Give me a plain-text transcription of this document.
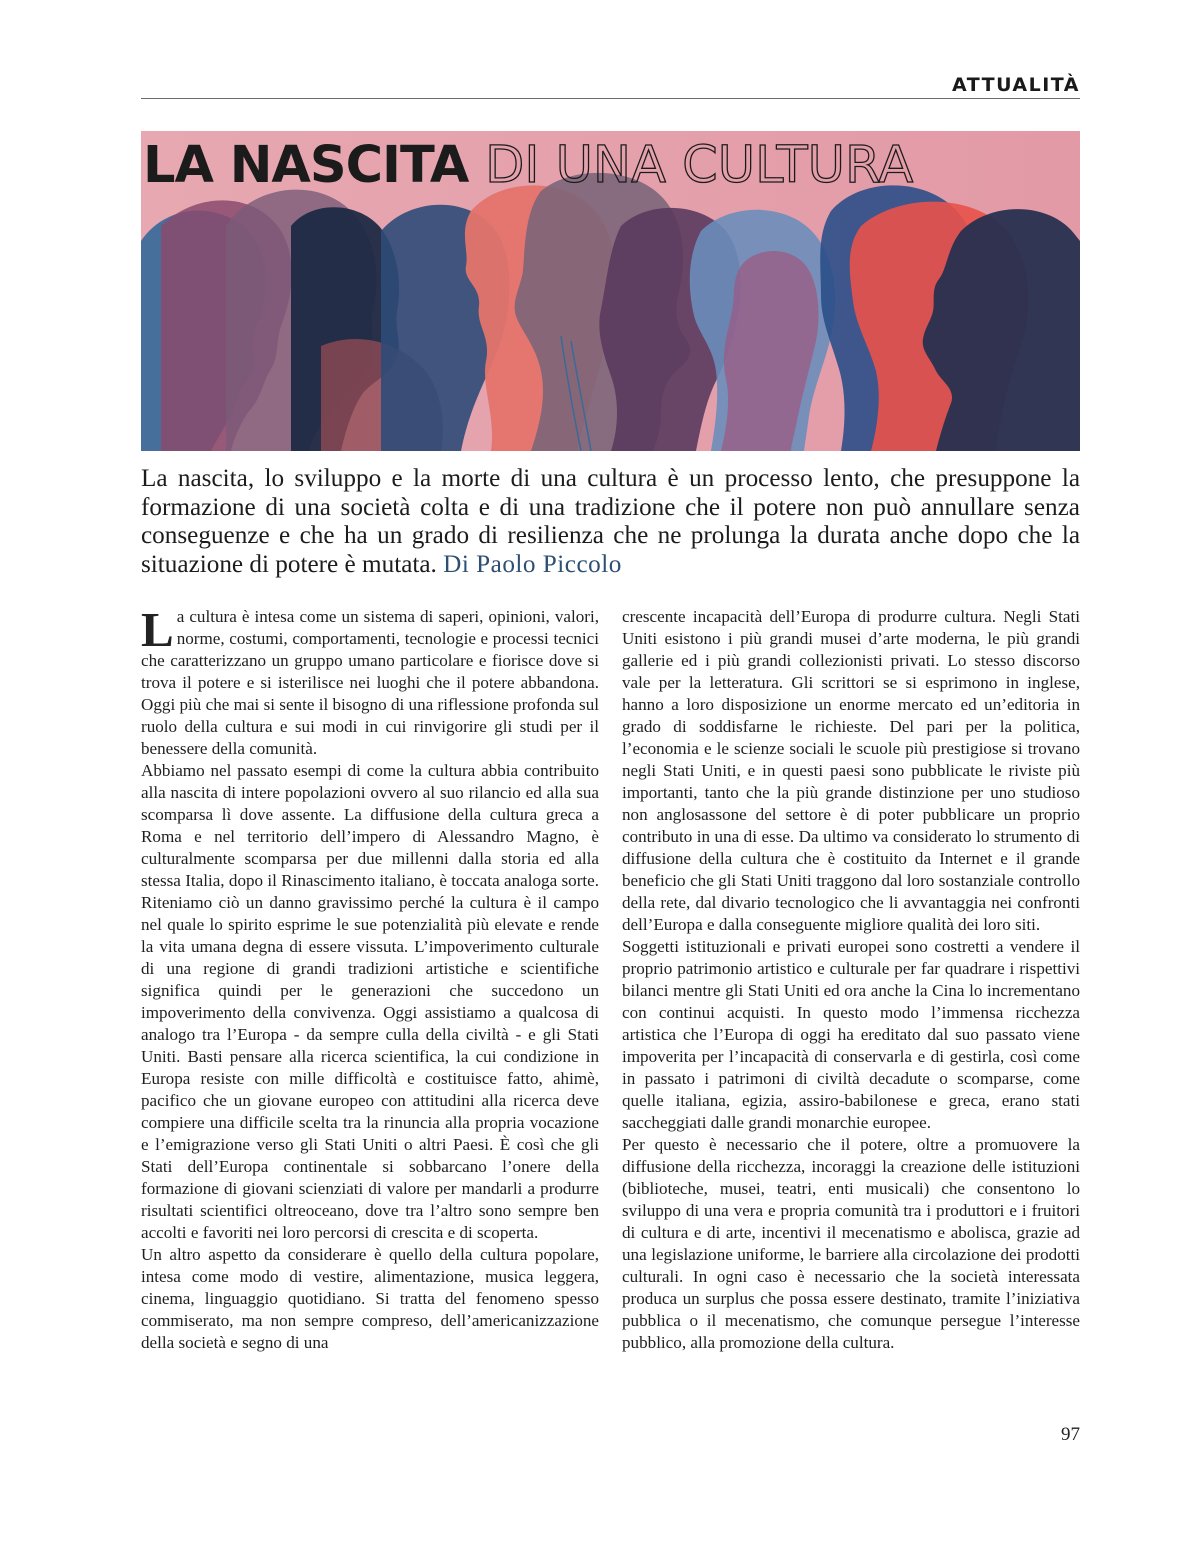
ATTUALITÀ
LA NASCITA DI UNA CULTURA

La nascita, lo sviluppo e la morte di una cultura è un processo lento, che presuppone la formazione di una società colta e di una tradizione che il potere non può annullare senza conseguenze e che ha un grado di resilienza che ne prolunga la durata anche dopo che la situazione di potere è mutata. Di Paolo Piccolo

La cultura è intesa come un sistema di saperi, opinioni, valori, norme, costumi, comportamenti, tecnologie e processi tecnici che caratterizzano un gruppo umano particolare e fiorisce dove si trova il potere e si isterilisce nei luoghi che il potere abbandona. Oggi più che mai si sente il bisogno di una riflessione profonda sul ruolo della cultura e sui modi in cui rinvigorire gli studi per il benessere della comunità.

Abbiamo nel passato esempi di come la cultura abbia contribuito alla nascita di intere popolazioni ovvero al suo rilancio ed alla sua scomparsa lì dove assente. La diffusione della cultura greca a Roma e nel territorio dell’impero di Alessandro Magno, è culturalmente scomparsa per due millenni dalla storia ed alla stessa Italia, dopo il Rinascimento italiano, è toccata analoga sorte. Riteniamo ciò un danno gravissimo perché la cultura è il campo nel quale lo spirito esprime le sue potenzialità più elevate e rende la vita umana degna di essere vissuta. L’impoverimento culturale di una regione di grandi tradizioni artistiche e scientifiche significa quindi per le generazioni che succedono un impoverimento della convivenza. Oggi assistiamo a qualcosa di analogo tra l’Europa - da sempre culla della civiltà - e gli Stati Uniti. Basti pensare alla ricerca scientifica, la cui condizione in Europa resiste con mille difficoltà e costituisce fatto, ahimè, pacifico che un giovane europeo con attitudini alla ricerca deve compiere una difficile scelta tra la rinuncia alla propria vocazione e l’emigrazione verso gli Stati Uniti o altri Paesi. È così che gli Stati dell’Europa continentale si sobbarcano l’onere della formazione di giovani scienziati di valore per mandarli a produrre risultati scientifici oltreoceano, dove tra l’altro sono sempre ben accolti e favoriti nei loro percorsi di crescita e di scoperta.

Un altro aspetto da considerare è quello della cultura popolare, intesa come modo di vestire, alimentazione, musica leggera, cinema, linguaggio quotidiano. Si tratta del fenomeno spesso commiserato, ma non sempre compreso, dell’americanizzazione della società e segno di una

crescente incapacità dell’Europa di produrre cultura. Negli Stati Uniti esistono i più grandi musei d’arte moderna, le più grandi gallerie ed i più grandi collezionisti privati. Lo stesso discorso vale per la letteratura. Gli scrittori se si esprimono in inglese, hanno a loro disposizione un enorme mercato ed un’editoria in grado di soddisfarne le richieste. Del pari per la politica, l’economia e le scienze sociali le scuole più prestigiose si trovano negli Stati Uniti, e in questi paesi sono pubblicate le riviste più importanti, tanto che la più grande distinzione per uno studioso non anglosassone del settore è di poter pubblicare un proprio contributo in una di esse. Da ultimo va considerato lo strumento di diffusione della cultura che è costituito da Internet e il grande beneficio che gli Stati Uniti traggono dal loro sostanziale controllo della rete, dal divario tecnologico che li avvantaggia nei confronti dell’Europa e dalla conseguente migliore qualità dei loro siti.

Soggetti istituzionali e privati europei sono costretti a vendere il proprio patrimonio artistico e culturale per far quadrare i rispettivi bilanci mentre gli Stati Uniti ed ora anche la Cina lo incrementano con continui acquisti. In questo modo l’immensa ricchezza artistica che l’Europa di oggi ha ereditato dal suo passato viene impoverita per l’incapacità di conservarla e di gestirla, così come in passato i patrimoni di civiltà decadute o scomparse, come quelle italiana, egizia, assiro-babilonese e greca, erano stati saccheggiati dalle grandi monarchie europee.

Per questo è necessario che il potere, oltre a promuovere la diffusione della ricchezza, incoraggi la creazione delle istituzioni (biblioteche, musei, teatri, enti musicali) che consentono lo sviluppo di una vera e propria comunità tra i produttori e i fruitori di cultura e di arte, incentivi il mecenatismo e abolisca, grazie ad una legislazione uniforme, le barriere alla circolazione dei prodotti culturali. In ogni caso è necessario che la società interessata produca un surplus che possa essere destinato, tramite l’iniziativa pubblica o il mecenatismo, che comunque persegue l’interesse pubblico, alla promozione della cultura.

97
